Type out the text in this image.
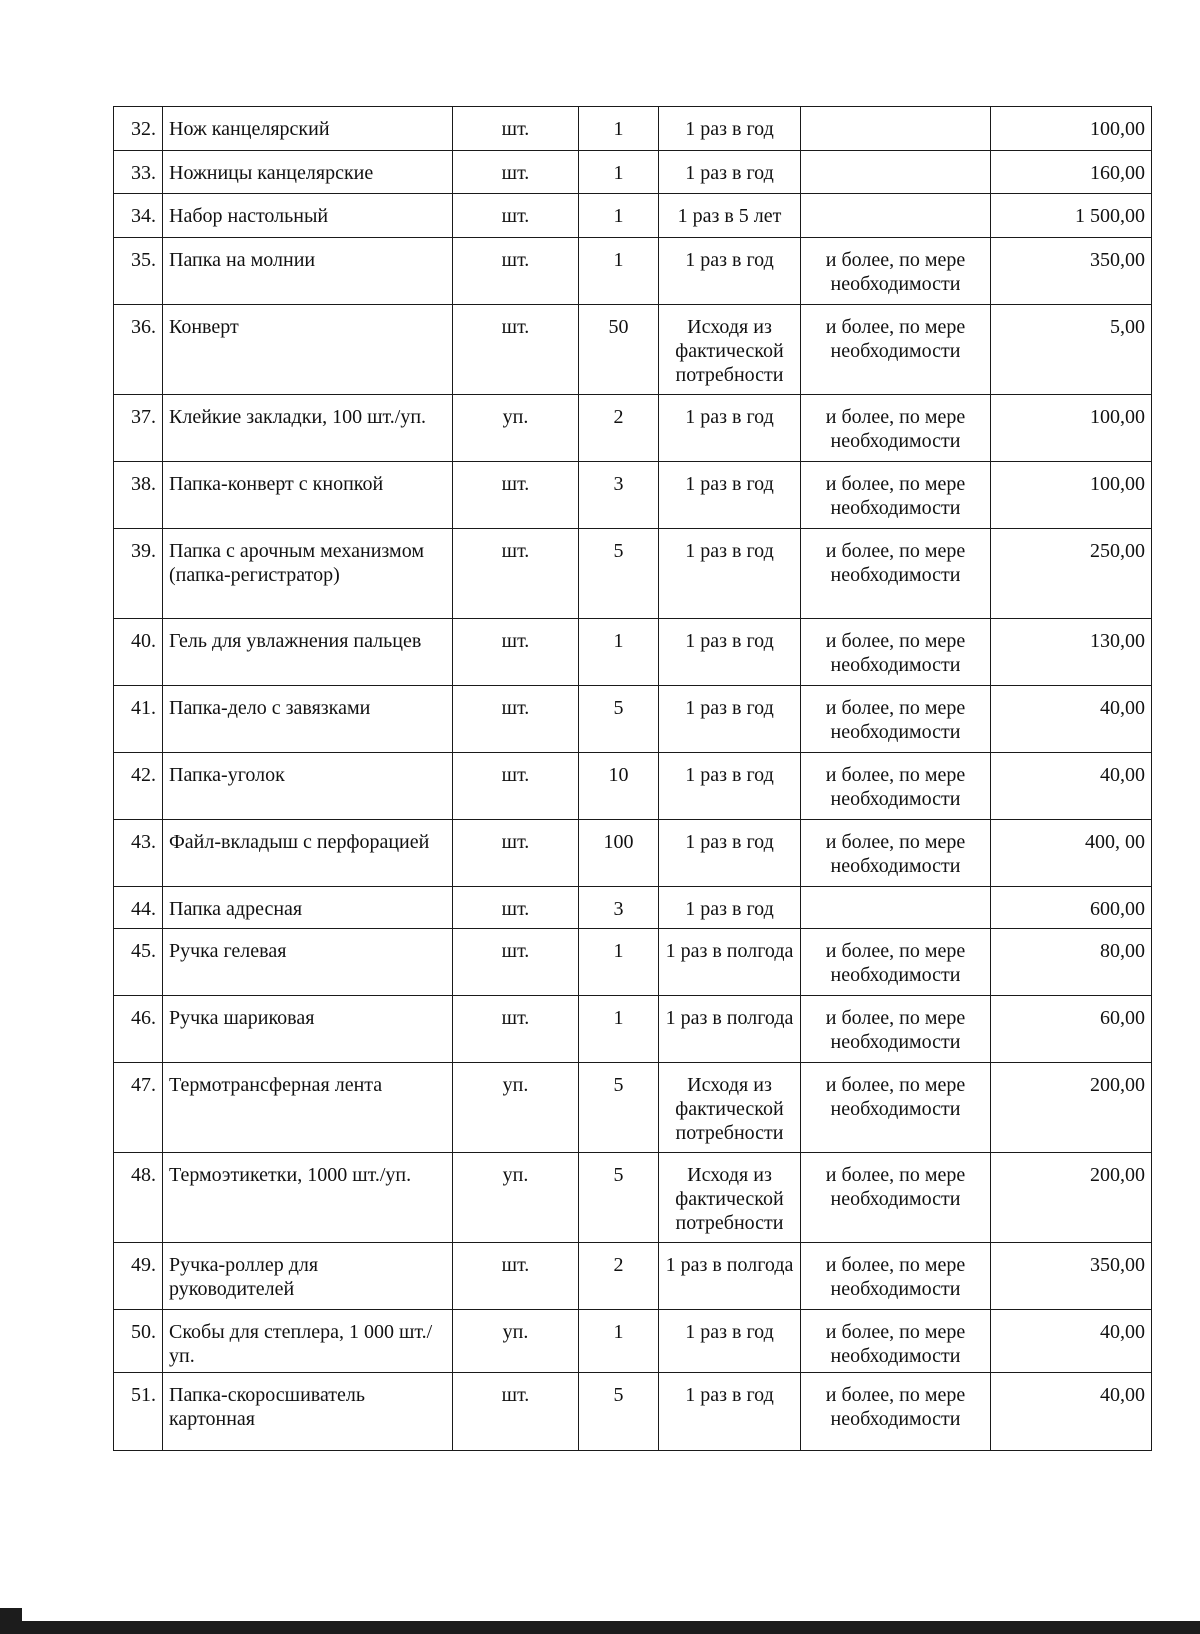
32.	Нож канцелярский	шт.	1	1 раз в год		100,00
33.	Ножницы канцелярские	шт.	1	1 раз в год		160,00
34.	Набор настольный	шт.	1	1 раз в 5 лет		1 500,00
35.	Папка на молнии	шт.	1	1 раз в год	и более, по мере необходимости	350,00
36.	Конверт	шт.	50	Исходя из фактической потребности	и более, по мере необходимости	5,00
37.	Клейкие закладки, 100 шт./уп.	уп.	2	1 раз в год	и более, по мере необходимости	100,00
38.	Папка-конверт с кнопкой	шт.	3	1 раз в год	и более, по мере необходимости	100,00
39.	Папка с арочным механизмом (папка-регистратор)	шт.	5	1 раз в год	и более, по мере необходимости	250,00
40.	Гель для увлажнения пальцев	шт.	1	1 раз в год	и более, по мере необходимости	130,00
41.	Папка-дело с завязками	шт.	5	1 раз в год	и более, по мере необходимости	40,00
42.	Папка-уголок	шт.	10	1 раз в год	и более, по мере необходимости	40,00
43.	Файл-вкладыш с перфорацией	шт.	100	1 раз в год	и более, по мере необходимости	400, 00
44.	Папка адресная	шт.	3	1 раз в год		600,00
45.	Ручка гелевая	шт.	1	1 раз в полгода	и более, по мере необходимости	80,00
46.	Ручка шариковая	шт.	1	1 раз в полгода	и более, по мере необходимости	60,00
47.	Термотрансферная лента	уп.	5	Исходя из фактической потребности	и более, по мере необходимости	200,00
48.	Термоэтикетки, 1000 шт./уп.	уп.	5	Исходя из фактической потребности	и более, по мере необходимости	200,00
49.	Ручка-роллер для руководителей	шт.	2	1 раз в полгода	и более, по мере необходимости	350,00
50.	Скобы для степлера, 1 000 шт./уп.	уп.	1	1 раз в год	и более, по мере необходимости	40,00
51.	Папка-скоросшиватель картонная	шт.	5	1 раз в год	и более, по мере необходимости	40,00
